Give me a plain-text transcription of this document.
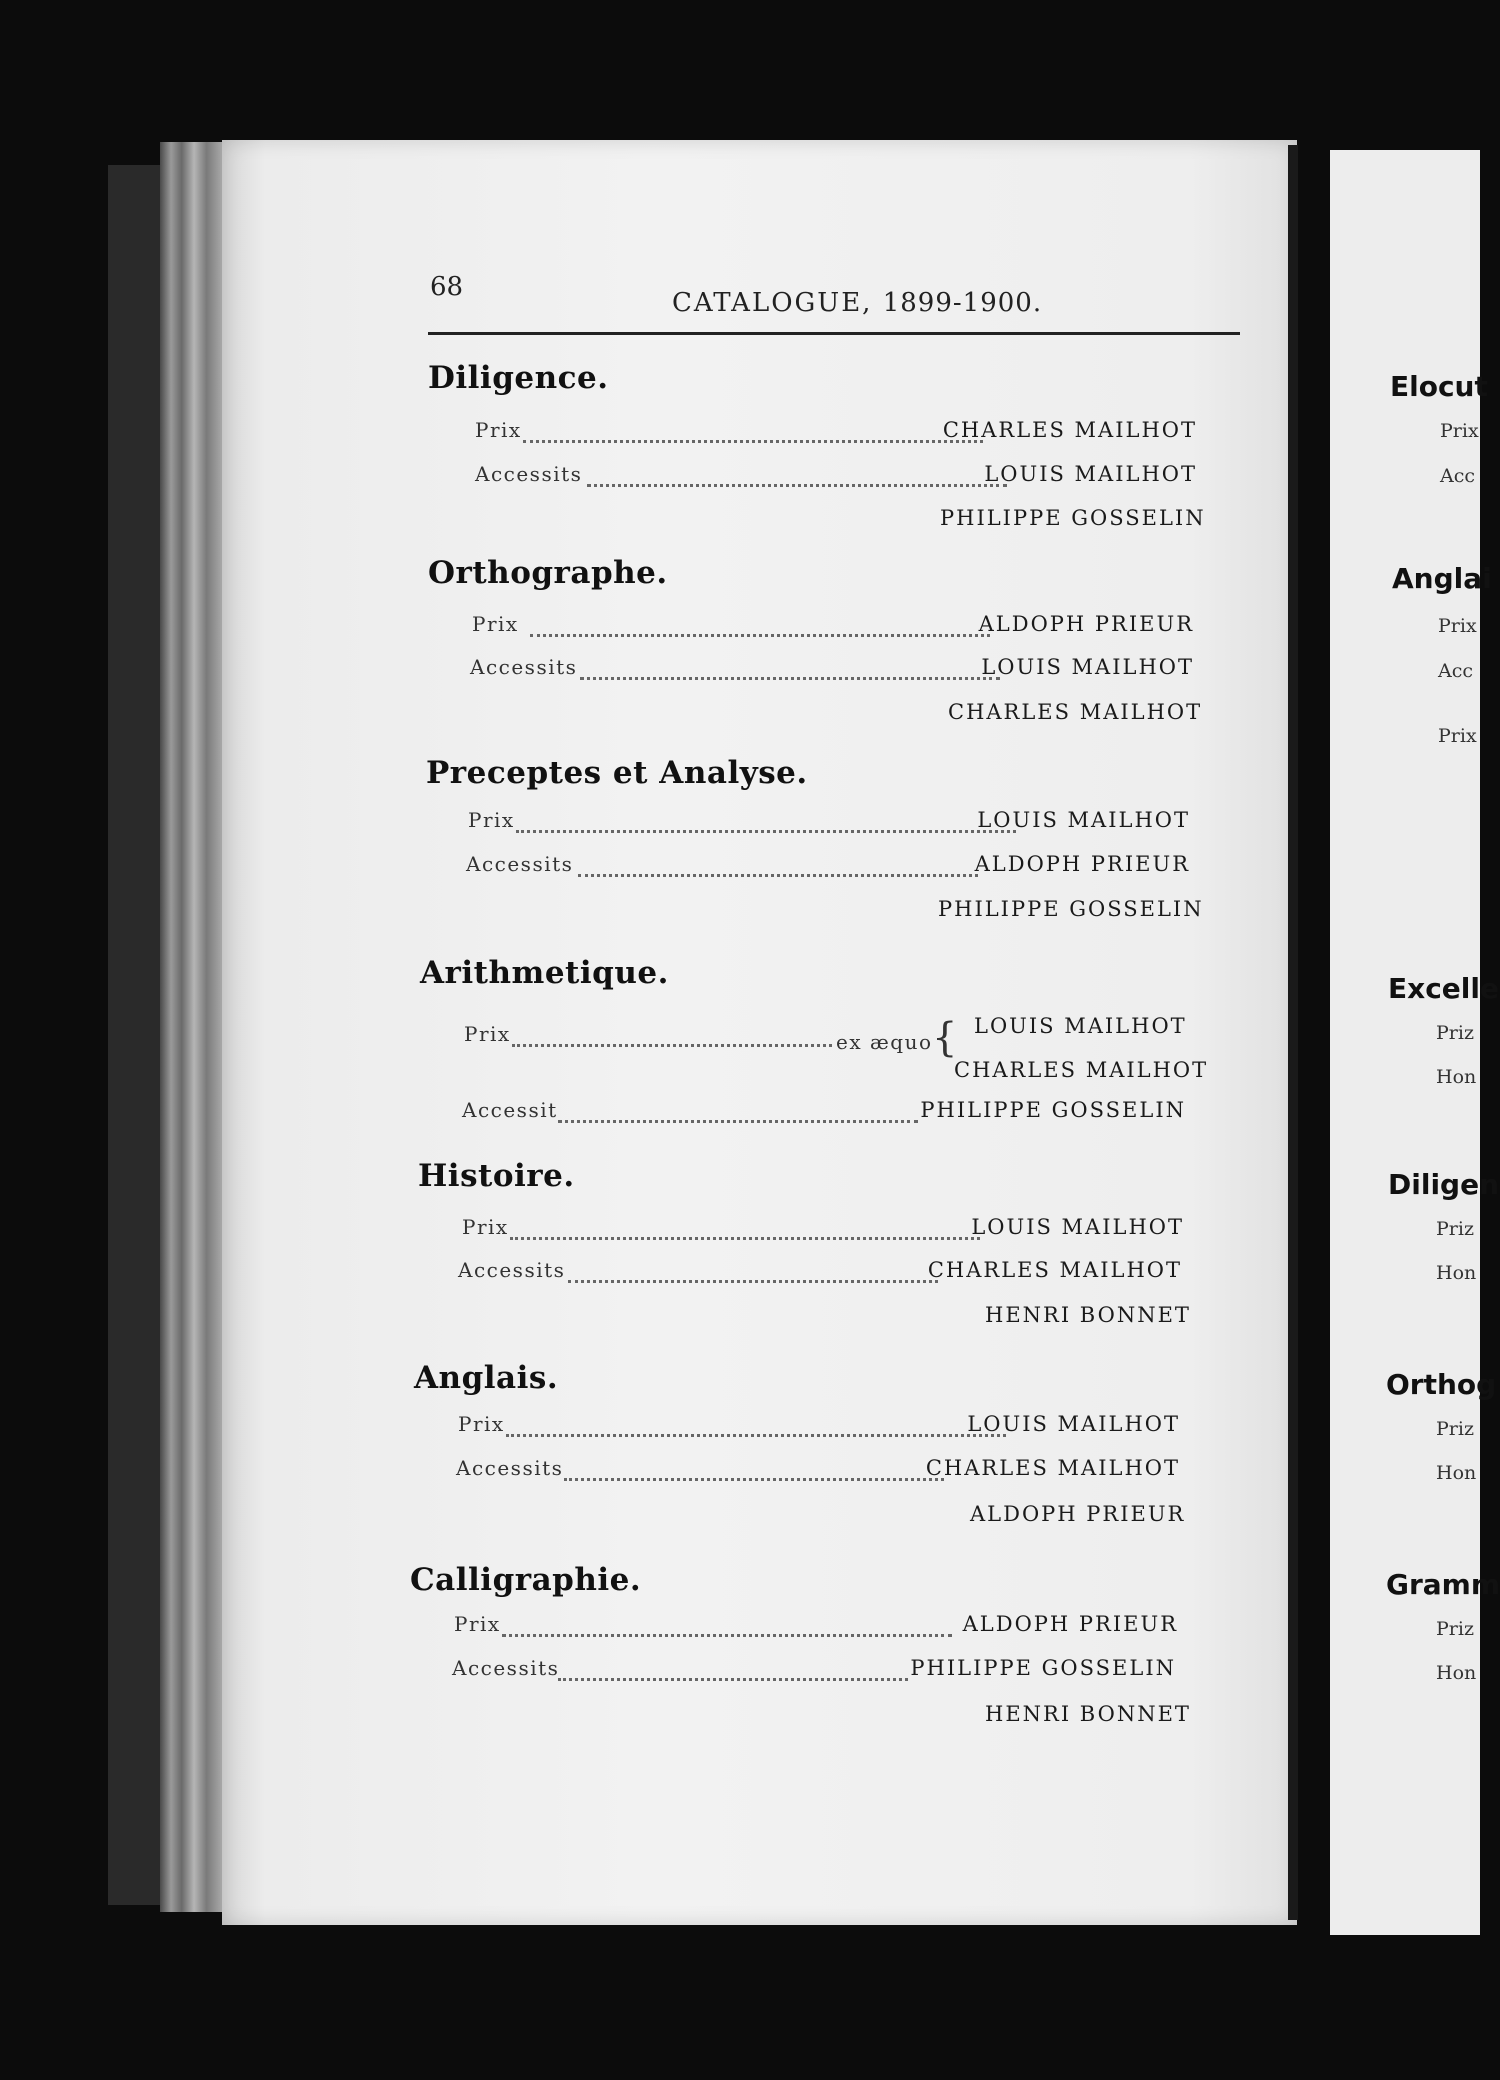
68
CATALOGUE, 1899-1900.
Diligence.
Prix	CHARLES MAILHOT
Accessits	LOUIS MAILHOT
PHILIPPE GOSSELIN
Orthographe.
Prix	ALDOPH PRIEUR
Accessits	LOUIS MAILHOT
CHARLES MAILHOT
Preceptes et Analyse.
Prix	LOUIS MAILHOT
Accessits	ALDOPH PRIEUR
PHILIPPE GOSSELIN
Arithmetique.
Prix	ex æquo { LOUIS MAILHOT
CHARLES MAILHOT
Accessit	PHILIPPE GOSSELIN
Histoire.
Prix	LOUIS MAILHOT
Accessits	CHARLES MAILHOT
HENRI BONNET
Anglais.
Prix	LOUIS MAILHOT
Accessits	CHARLES MAILHOT
ALDOPH PRIEUR
Calligraphie.
Prix	ALDOPH PRIEUR
Accessits	PHILIPPE GOSSELIN
HENRI BONNET
Elocut
Prix
Acc
Anglai
Prix
Acc
Prix
Excelle
Priz
Hon
Diligen
Priz
Hon
Orthog
Priz
Hon
Gramm
Priz
Hon
